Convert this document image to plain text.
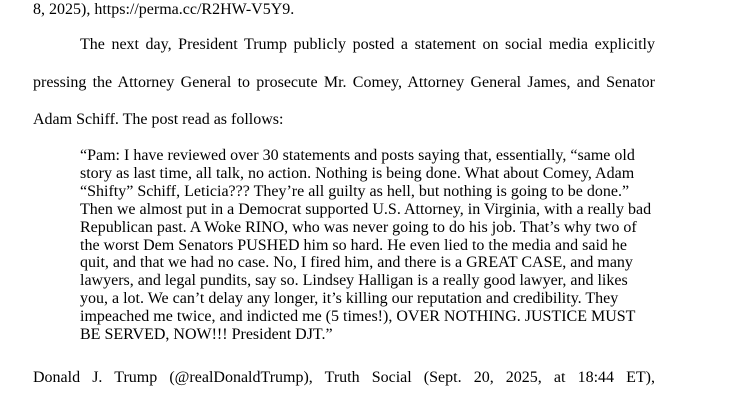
8, 2025), https://perma.cc/R2HW-V5Y9.
The next day, President Trump publicly posted a statement on social media explicitly
pressing the Attorney General to prosecute Mr. Comey, Attorney General James, and Senator
Adam Schiff. The post read as follows:
“Pam: I have reviewed over 30 statements and posts saying that, essentially, “same old
story as last time, all talk, no action. Nothing is being done. What about Comey, Adam
“Shifty” Schiff, Leticia??? They’re all guilty as hell, but nothing is going to be done.”
Then we almost put in a Democrat supported U.S. Attorney, in Virginia, with a really bad
Republican past. A Woke RINO, who was never going to do his job. That’s why two of
the worst Dem Senators PUSHED him so hard. He even lied to the media and said he
quit, and that we had no case. No, I fired him, and there is a GREAT CASE, and many
lawyers, and legal pundits, say so. Lindsey Halligan is a really good lawyer, and likes
you, a lot. We can’t delay any longer, it’s killing our reputation and credibility. They
impeached me twice, and indicted me (5 times!), OVER NOTHING. JUSTICE MUST
BE SERVED, NOW!!! President DJT.”
Donald J. Trump (@realDonaldTrump), Truth Social (Sept. 20, 2025, at 18:44 ET),
